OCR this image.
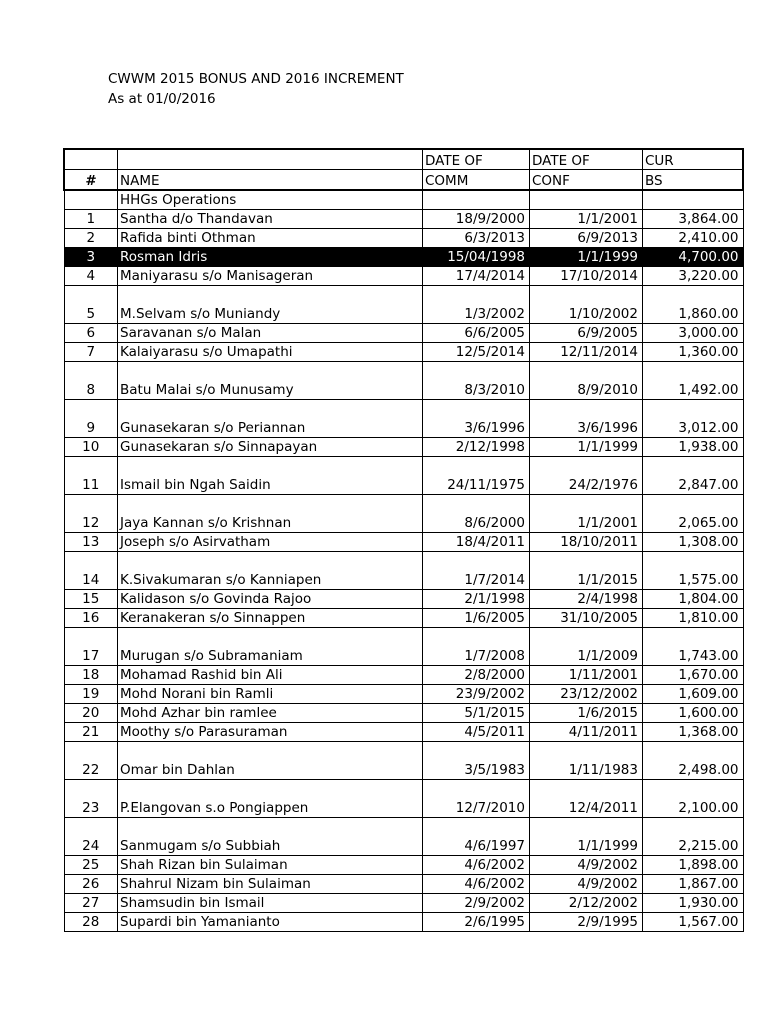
CWWM 2015 BONUS AND 2016 INCREMENT
As at 01/0/2016
		DATE OF	DATE OF	CUR
#	NAME	COMM	CONF	BS
	HHGs Operations			
1	Santha d/o Thandavan	18/9/2000	1/1/2001	3,864.00
2	Rafida binti Othman	6/3/2013	6/9/2013	2,410.00
3	Rosman Idris	15/04/1998	1/1/1999	4,700.00
4	Maniyarasu s/o Manisageran	17/4/2014	17/10/2014	3,220.00
5	M.Selvam s/o Muniandy	1/3/2002	1/10/2002	1,860.00
6	Saravanan s/o Malan	6/6/2005	6/9/2005	3,000.00
7	Kalaiyarasu s/o Umapathi	12/5/2014	12/11/2014	1,360.00
8	Batu Malai s/o Munusamy	8/3/2010	8/9/2010	1,492.00
9	Gunasekaran s/o Periannan	3/6/1996	3/6/1996	3,012.00
10	Gunasekaran s/o Sinnapayan	2/12/1998	1/1/1999	1,938.00
11	Ismail bin Ngah Saidin	24/11/1975	24/2/1976	2,847.00
12	Jaya Kannan s/o Krishnan	8/6/2000	1/1/2001	2,065.00
13	Joseph s/o Asirvatham	18/4/2011	18/10/2011	1,308.00
14	K.Sivakumaran s/o Kanniapen	1/7/2014	1/1/2015	1,575.00
15	Kalidason s/o Govinda Rajoo	2/1/1998	2/4/1998	1,804.00
16	Keranakeran s/o Sinnappen	1/6/2005	31/10/2005	1,810.00
17	Murugan s/o Subramaniam	1/7/2008	1/1/2009	1,743.00
18	Mohamad Rashid bin Ali	2/8/2000	1/11/2001	1,670.00
19	Mohd Norani bin Ramli	23/9/2002	23/12/2002	1,609.00
20	Mohd Azhar bin ramlee	5/1/2015	1/6/2015	1,600.00
21	Moothy s/o Parasuraman	4/5/2011	4/11/2011	1,368.00
22	Omar bin Dahlan	3/5/1983	1/11/1983	2,498.00
23	P.Elangovan s.o Pongiappen	12/7/2010	12/4/2011	2,100.00
24	Sanmugam s/o Subbiah	4/6/1997	1/1/1999	2,215.00
25	Shah Rizan bin Sulaiman	4/6/2002	4/9/2002	1,898.00
26	Shahrul Nizam bin Sulaiman	4/6/2002	4/9/2002	1,867.00
27	Shamsudin bin Ismail	2/9/2002	2/12/2002	1,930.00
28	Supardi bin Yamanianto	2/6/1995	2/9/1995	1,567.00
